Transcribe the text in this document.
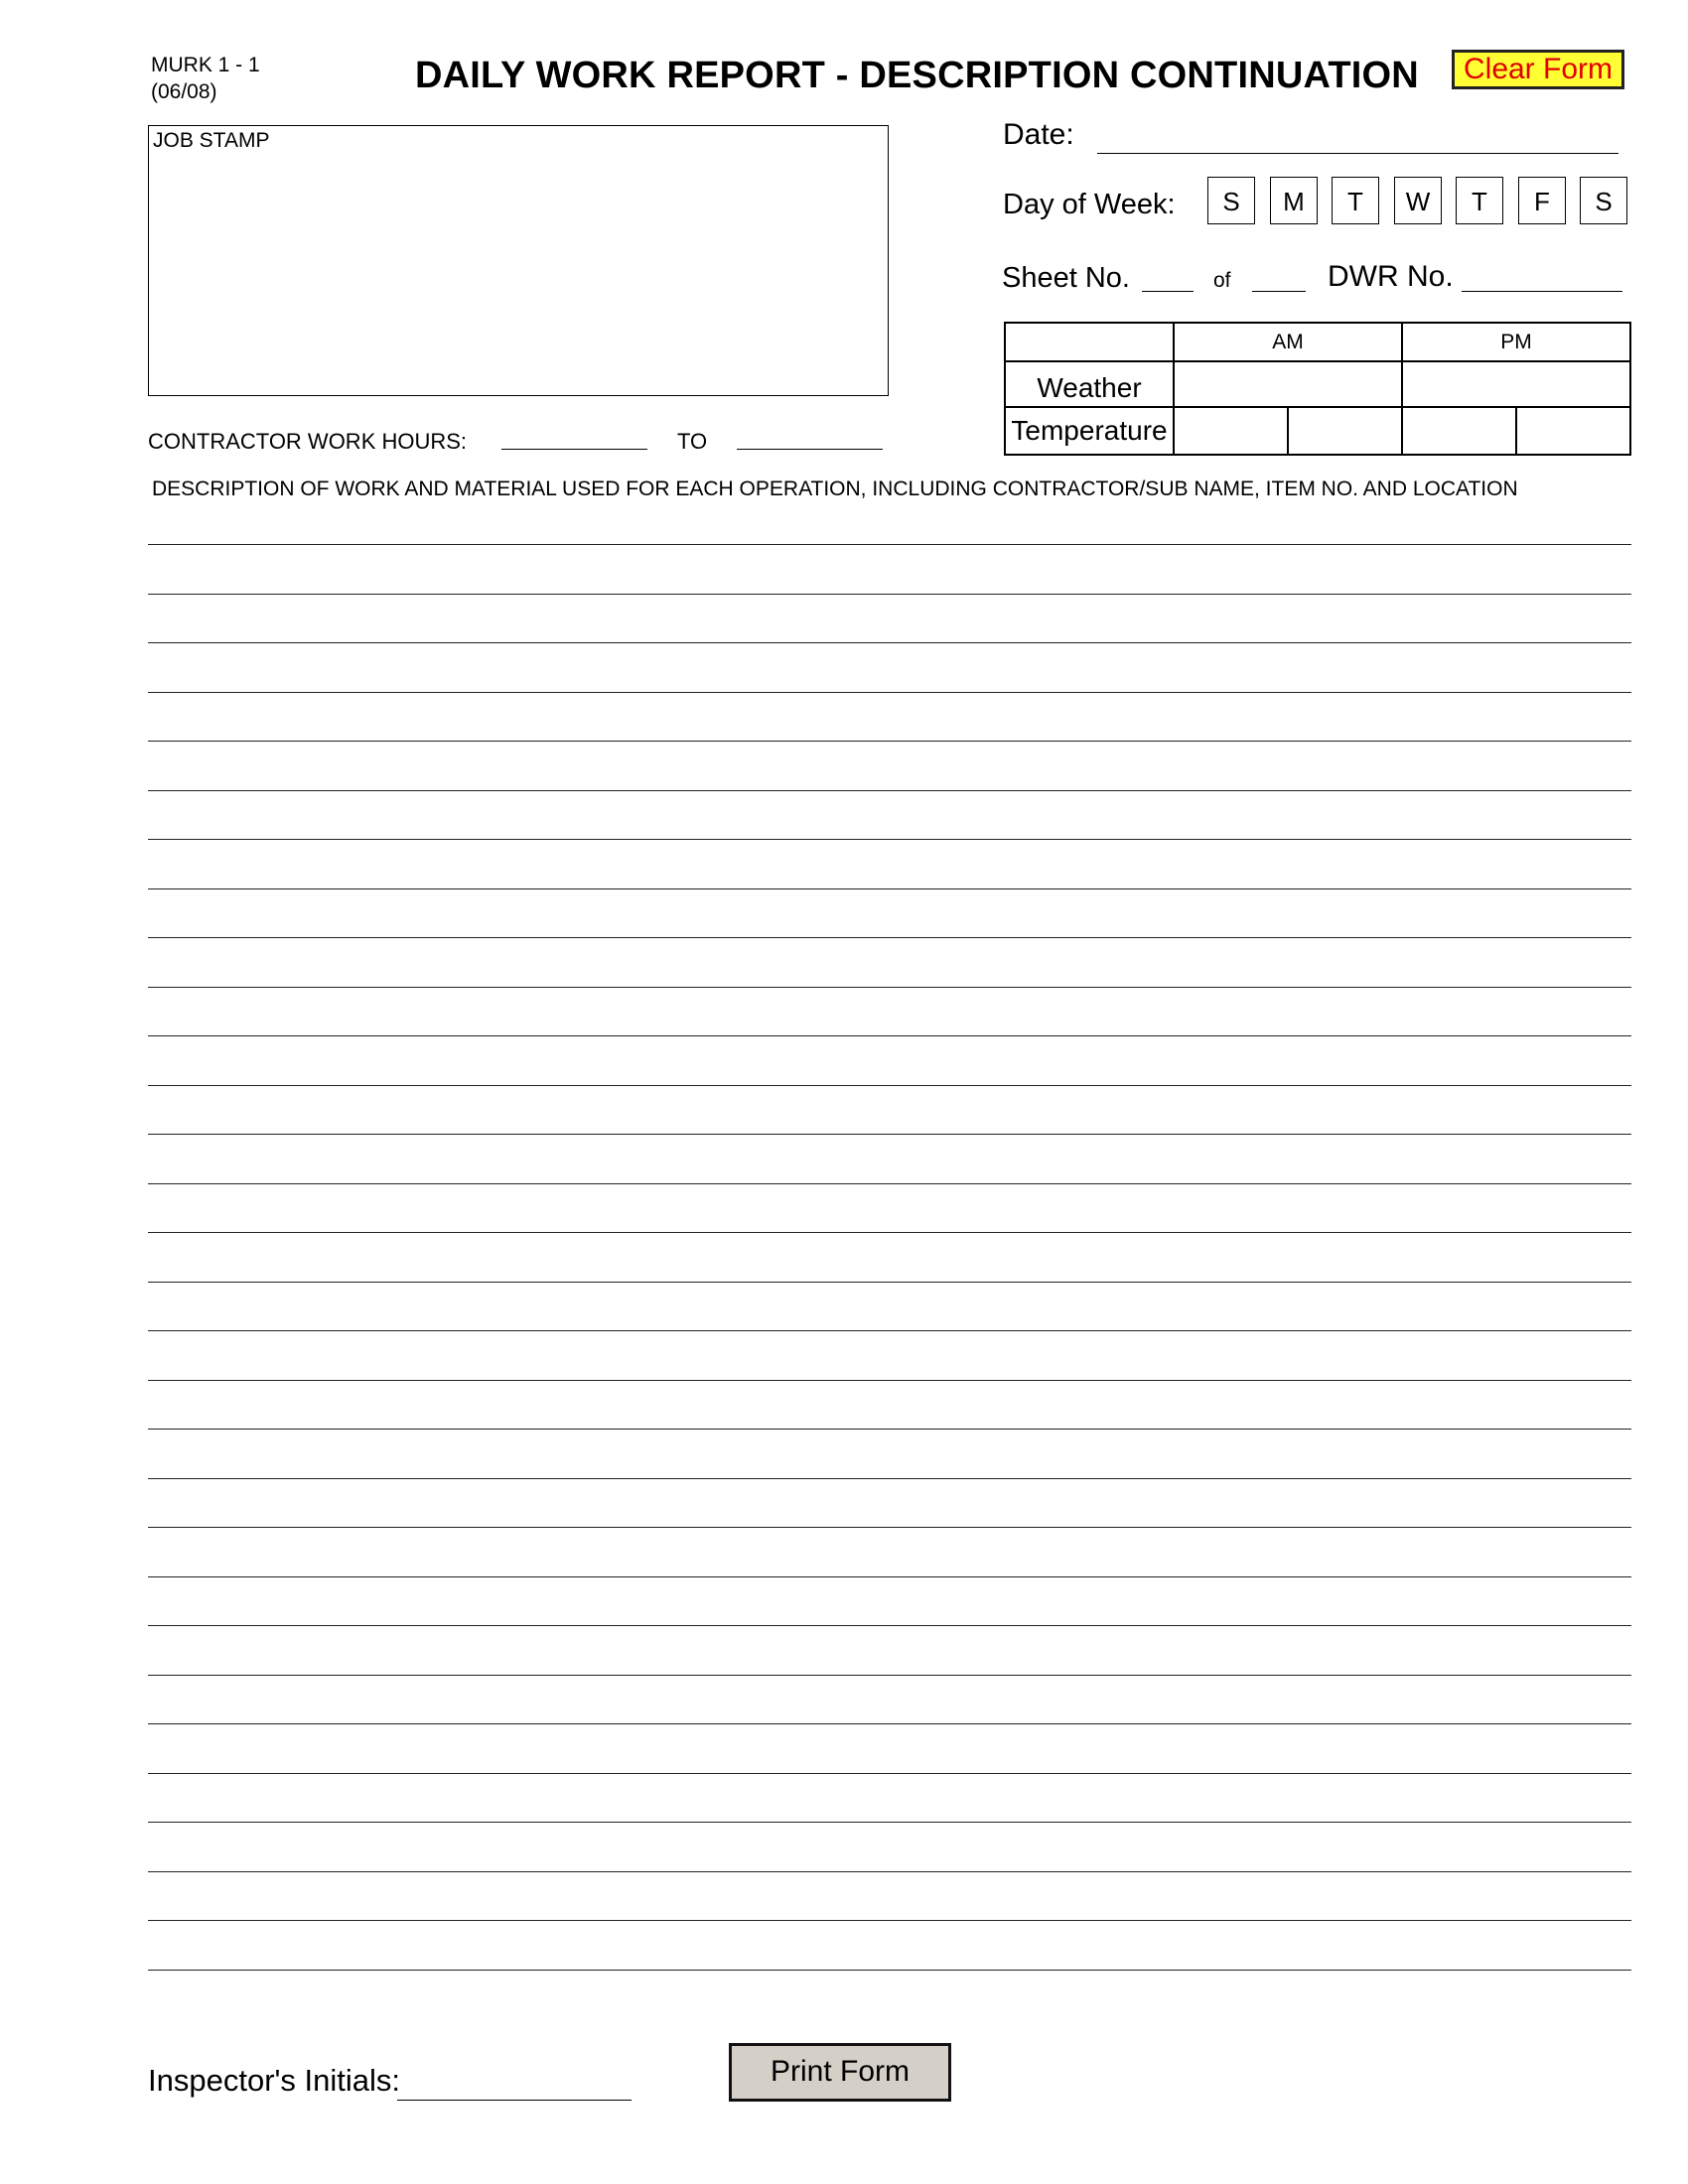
MURK 1 - 1
(06/08)	DAILY WORK REPORT - DESCRIPTION CONTINUATION	Clear Form
JOB STAMP	Date:
Day of Week:	S	M	T	W	T	F	S
Sheet No.	of	DWR No.
	AM		PM	
Weather				
Temperature				
CONTRACTOR WORK HOURS:	TO
DESCRIPTION OF WORK AND MATERIAL USED FOR EACH OPERATION, INCLUDING CONTRACTOR/SUB NAME, ITEM NO. AND LOCATION
Inspector's Initials:	Print Form
